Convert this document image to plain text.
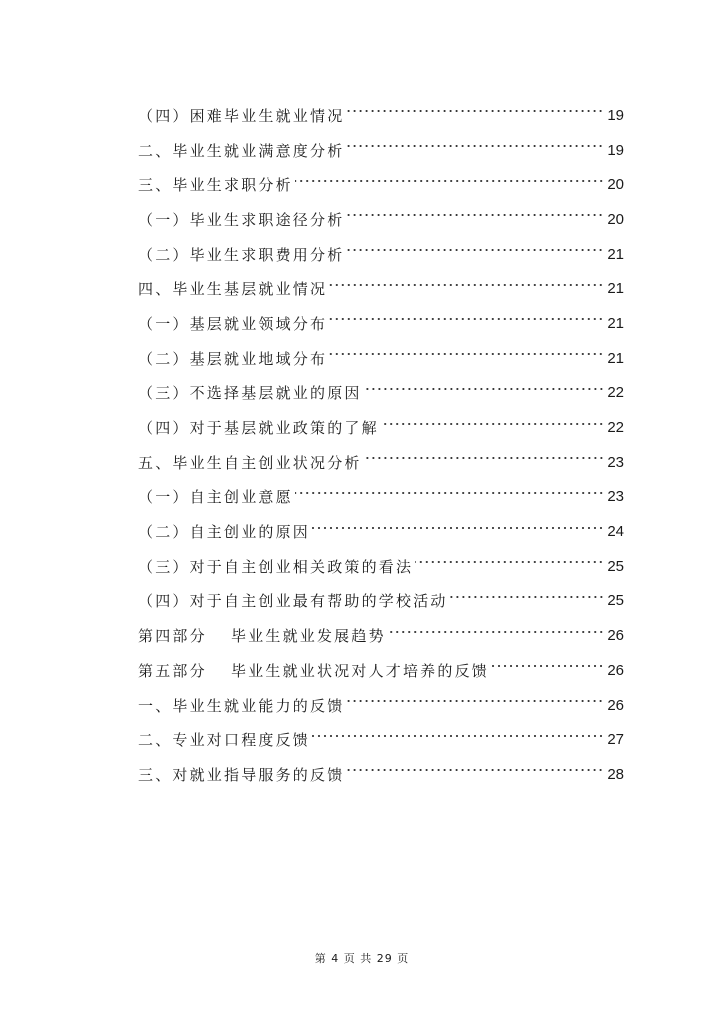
（四）困难毕业生就业情况	19
二、毕业生就业满意度分析	19
三、毕业生求职分析	20
（一）毕业生求职途径分析	20
（二）毕业生求职费用分析	21
四、毕业生基层就业情况	21
（一）基层就业领域分布	21
（二）基层就业地域分布	21
（三）不选择基层就业的原因	22
（四）对于基层就业政策的了解	22
五、毕业生自主创业状况分析	23
（一）自主创业意愿	23
（二）自主创业的原因	24
（三）对于自主创业相关政策的看法	25
（四）对于自主创业最有帮助的学校活动	25
第四部分　 毕业生就业发展趋势	26
第五部分　 毕业生就业状况对人才培养的反馈	26
一、毕业生就业能力的反馈	26
二、专业对口程度反馈	27
三、对就业指导服务的反馈	28
第 4 页 共 29 页
